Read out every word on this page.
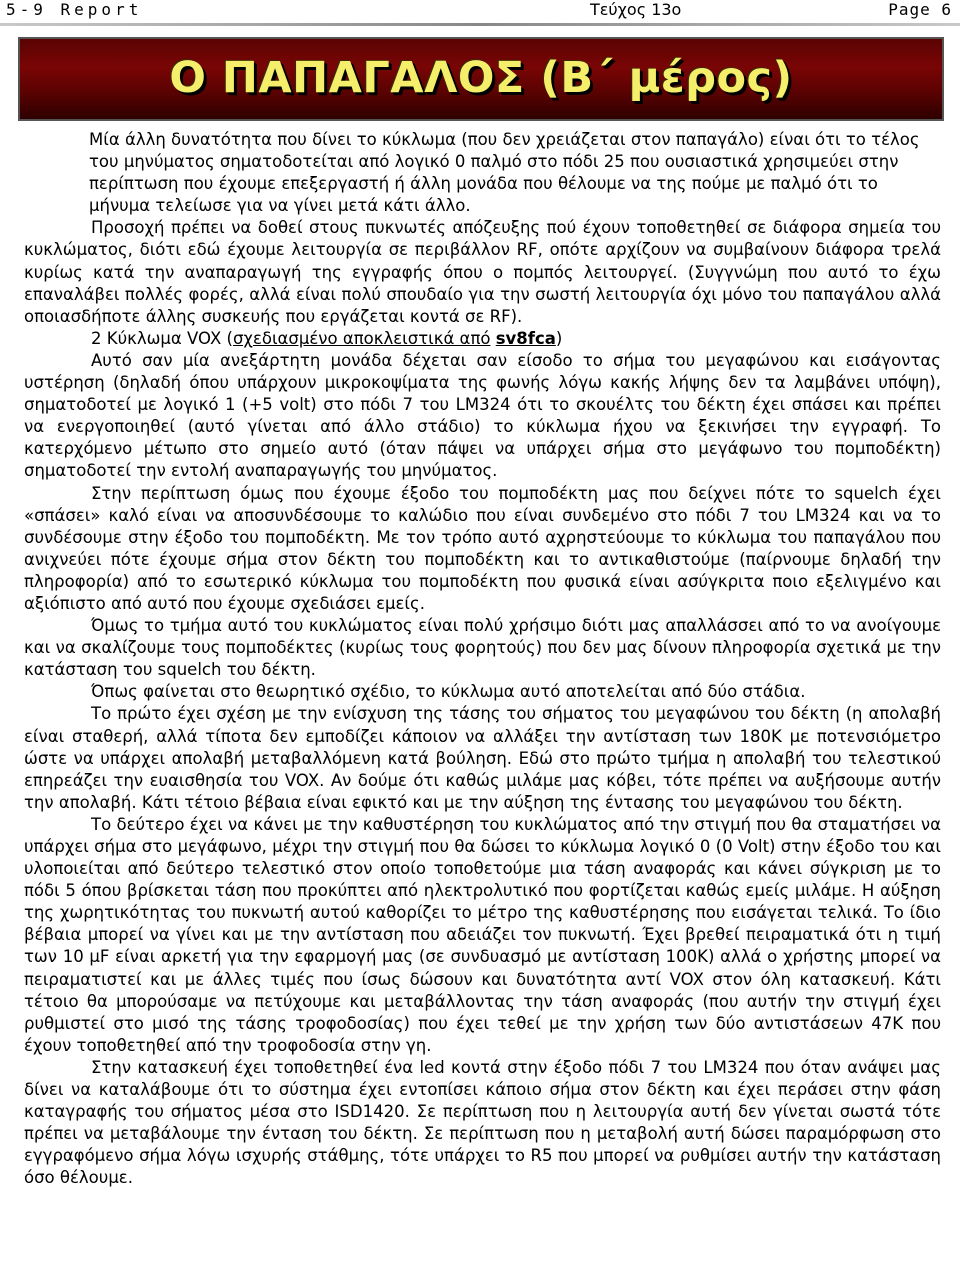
5-9 Report	Τεύχος 13ο	Page 6
Ο ΠΑΠΑΓΑΛΟΣ (Β΄ μέρος)

Μία άλλη δυνατότητα που δίνει το κύκλωμα (που δεν χρειάζεται στον παπαγάλο) είναι ότι το τέλος του μηνύματος σηματοδοτείται από λογικό 0 παλμό στο πόδι 25 που ουσιαστικά χρησιμεύει στην περίπτωση που έχουμε επεξεργαστή ή άλλη μονάδα που θέλουμε να της πούμε με παλμό ότι το μήνυμα τελείωσε για να γίνει μετά κάτι άλλο.

Προσοχή πρέπει να δοθεί στους πυκνωτές απόζευξης πού έχουν τοποθετηθεί σε διάφορα σημεία του κυκλώματος, διότι εδώ έχουμε λειτουργία σε περιβάλλον RF, οπότε αρχίζουν να συμβαίνουν διάφορα τρελά κυρίως κατά την αναπαραγωγή της εγγραφής όπου ο πομπός λειτουργεί. (Συγγνώμη που αυτό το έχω επαναλάβει πολλές φορές, αλλά είναι πολύ σπουδαίο για την σωστή λειτουργία όχι μόνο του παπαγάλου αλλά οποιασδήποτε άλλης συσκευής που εργάζεται κοντά σε RF).

2 Κύκλωμα VOX (σχεδιασμένο αποκλειστικά από sv8fca)

Αυτό σαν μία ανεξάρτητη μονάδα δέχεται σαν είσοδο το σήμα του μεγαφώνου και εισάγοντας υστέρηση (δηλαδή όπου υπάρχουν μικροκοψίματα της φωνής λόγω κακής λήψης δεν τα λαμβάνει υπόψη), σηματοδοτεί με λογικό 1 (+5 volt) στο πόδι 7 του LM324 ότι το σκουέλτς του δέκτη έχει σπάσει και πρέπει να ενεργοποιηθεί (αυτό γίνεται από άλλο στάδιο) το κύκλωμα ήχου να ξεκινήσει την εγγραφή. Το κατερχόμενο μέτωπο στο σημείο αυτό (όταν πάψει να υπάρχει σήμα στο μεγάφωνο του πομποδέκτη) σηματοδοτεί την εντολή αναπαραγωγής του μηνύματος.

Στην περίπτωση όμως που έχουμε έξοδο του πομποδέκτη μας που δείχνει πότε το squelch έχει «σπάσει» καλό είναι να αποσυνδέσουμε το καλώδιο που είναι συνδεμένο στο πόδι 7 του LM324 και να το συνδέσουμε στην έξοδο του πομποδέκτη. Με τον τρόπο αυτό αχρηστεύουμε το κύκλωμα του παπαγάλου που ανιχνεύει πότε έχουμε σήμα στον δέκτη του πομποδέκτη και το αντικαθιστούμε (παίρνουμε δηλαδή την πληροφορία) από το εσωτερικό κύκλωμα του πομποδέκτη που φυσικά είναι ασύγκριτα ποιο εξελιγμένο και αξιόπιστο από αυτό που έχουμε σχεδιάσει εμείς.

Όμως το τμήμα αυτό του κυκλώματος είναι πολύ χρήσιμο διότι μας απαλλάσσει από το να ανοίγουμε και να σκαλίζουμε τους πομποδέκτες (κυρίως τους φορητούς) που δεν μας δίνουν πληροφορία σχετικά με την κατάσταση του squelch του δέκτη.

Όπως φαίνεται στο θεωρητικό σχέδιο, το κύκλωμα αυτό αποτελείται από δύο στάδια.

Το πρώτο έχει σχέση με την ενίσχυση της τάσης του σήματος του μεγαφώνου του δέκτη (η απολαβή είναι σταθερή, αλλά τίποτα δεν εμποδίζει κάποιον να αλλάξει την αντίσταση των 180K με ποτενσιόμετρο ώστε να υπάρχει απολαβή μεταβαλλόμενη κατά βούληση. Εδώ στο πρώτο τμήμα η απολαβή του τελεστικού επηρεάζει την ευαισθησία του VOX. Αν δούμε ότι καθώς μιλάμε μας κόβει, τότε πρέπει να αυξήσουμε αυτήν την απολαβή. Κάτι τέτοιο βέβαια είναι εφικτό και με την αύξηση της έντασης του μεγαφώνου του δέκτη.

Το δεύτερο έχει να κάνει με την καθυστέρηση του κυκλώματος από την στιγμή που θα σταματήσει να υπάρχει σήμα στο μεγάφωνο, μέχρι την στιγμή που θα δώσει το κύκλωμα λογικό 0 (0 Volt) στην έξοδο του και υλοποιείται από δεύτερο τελεστικό στον οποίο τοποθετούμε μια τάση αναφοράς και κάνει σύγκριση με το πόδι 5 όπου βρίσκεται τάση που προκύπτει από ηλεκτρολυτικό που φορτίζεται καθώς εμείς μιλάμε. Η αύξηση της χωρητικότητας του πυκνωτή αυτού καθορίζει το μέτρο της καθυστέρησης που εισάγεται τελικά. Το ίδιο βέβαια μπορεί να γίνει και με την αντίσταση που αδειάζει τον πυκνωτή. Έχει βρεθεί πειραματικά ότι η τιμή των 10 μF είναι αρκετή για την εφαρμογή μας (σε συνδυασμό με αντίσταση 100K) αλλά ο χρήστης μπορεί να πειραματιστεί και με άλλες τιμές που ίσως δώσουν και δυνατότητα αντί VOX στον όλη κατασκευή. Κάτι τέτοιο θα μπορούσαμε να πετύχουμε και μεταβάλλοντας την τάση αναφοράς (που αυτήν την στιγμή έχει ρυθμιστεί στο μισό της τάσης τροφοδοσίας) που έχει τεθεί με την χρήση των δύο αντιστάσεων 47K που έχουν τοποθετηθεί από την τροφοδοσία στην γη.

Στην κατασκευή έχει τοποθετηθεί ένα led κοντά στην έξοδο πόδι 7 του LM324 που όταν ανάψει μας δίνει να καταλάβουμε ότι το σύστημα έχει εντοπίσει κάποιο σήμα στον δέκτη και έχει περάσει στην φάση καταγραφής του σήματος μέσα στο ISD1420. Σε περίπτωση που η λειτουργία αυτή δεν γίνεται σωστά τότε πρέπει να μεταβάλουμε την ένταση του δέκτη. Σε περίπτωση που η μεταβολή αυτή δώσει παραμόρφωση στο εγγραφόμενο σήμα λόγω ισχυρής στάθμης, τότε υπάρχει το R5 που μπορεί να ρυθμίσει αυτήν την κατάσταση όσο θέλουμε.
